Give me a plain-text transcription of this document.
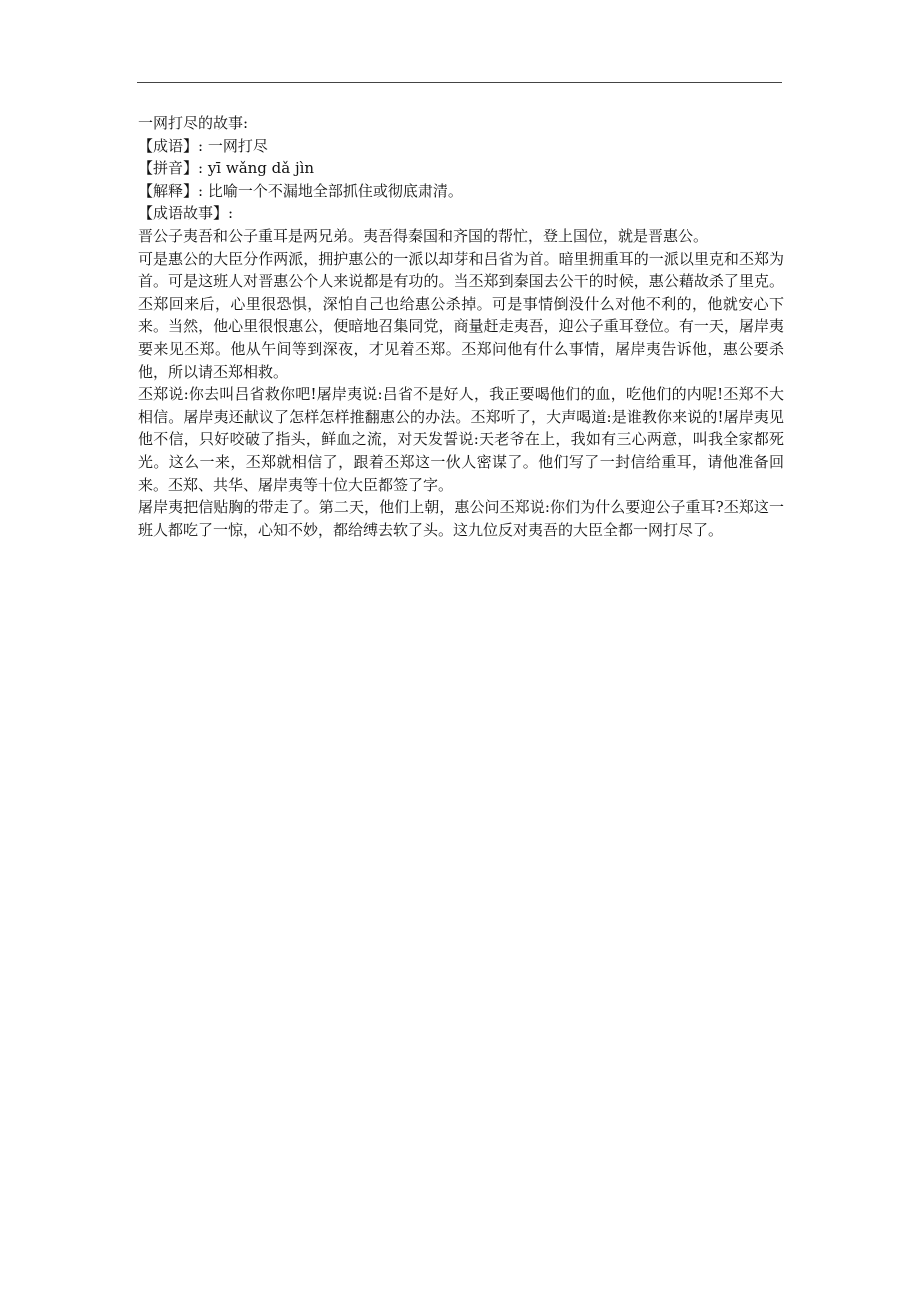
一网打尽的故事:

【成语】: 一网打尽

【拼音】: yī wǎng dǎ jìn

【解释】: 比喻一个不漏地全部抓住或彻底肃清。

【成语故事】:

晋公子夷吾和公子重耳是两兄弟。夷吾得秦国和齐国的帮忙，登上国位，就是晋惠公。

可是惠公的大臣分作两派，拥护惠公的一派以却芽和吕省为首。暗里拥重耳的一派以里克和丕郑为首。可是这班人对晋惠公个人来说都是有功的。当丕郑到秦国去公干的时候，惠公藉故杀了里克。丕郑回来后，心里很恐惧，深怕自己也给惠公杀掉。可是事情倒没什么对他不利的，他就安心下来。当然，他心里很恨惠公，便暗地召集同党，商量赶走夷吾，迎公子重耳登位。有一天，屠岸夷要来见丕郑。他从午间等到深夜，才见着丕郑。丕郑问他有什么事情，屠岸夷告诉他，惠公要杀他，所以请丕郑相救。

丕郑说:你去叫吕省救你吧!屠岸夷说:吕省不是好人，我正要喝他们的血，吃他们的内呢!丕郑不大相信。屠岸夷还献议了怎样怎样推翻惠公的办法。丕郑听了，大声喝道:是谁教你来说的!屠岸夷见他不信，只好咬破了指头，鲜血之流，对天发誓说:天老爷在上，我如有三心两意，叫我全家都死光。这么一来，丕郑就相信了，跟着丕郑这一伙人密谋了。他们写了一封信给重耳，请他准备回来。丕郑、共华、屠岸夷等十位大臣都签了字。

屠岸夷把信贴胸的带走了。第二天，他们上朝，惠公问丕郑说:你们为什么要迎公子重耳?丕郑这一班人都吃了一惊，心知不妙，都给缚去软了头。这九位反对夷吾的大臣全都一网打尽了。
